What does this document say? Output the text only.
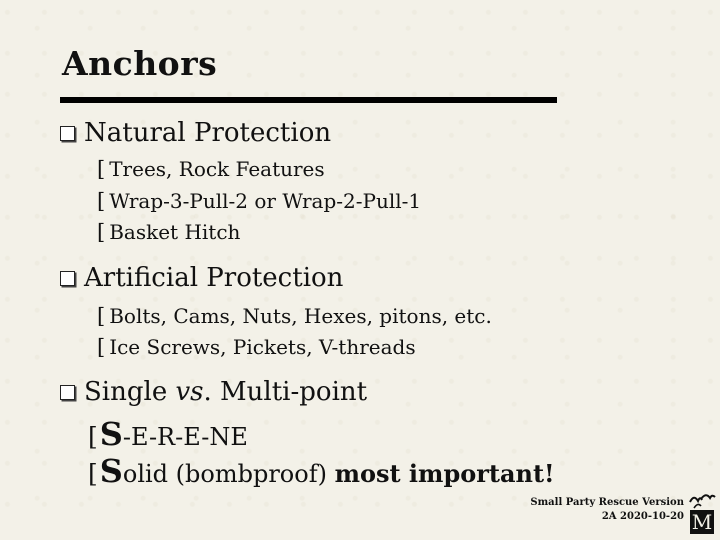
Anchors
Natural Protection
[ Trees, Rock Features
[ Wrap-3-Pull-2 or Wrap-2-Pull-1
[ Basket Hitch
Artificial Protection
[ Bolts, Cams, Nuts, Hexes, pitons, etc.
[ Ice Screws, Pickets, V-threads
Single vs. Multi-point
[ S -E-R-E-NE
[ S olid (bombproof) most important!
Small Party Rescue Version
2A 2020-10-20 M
